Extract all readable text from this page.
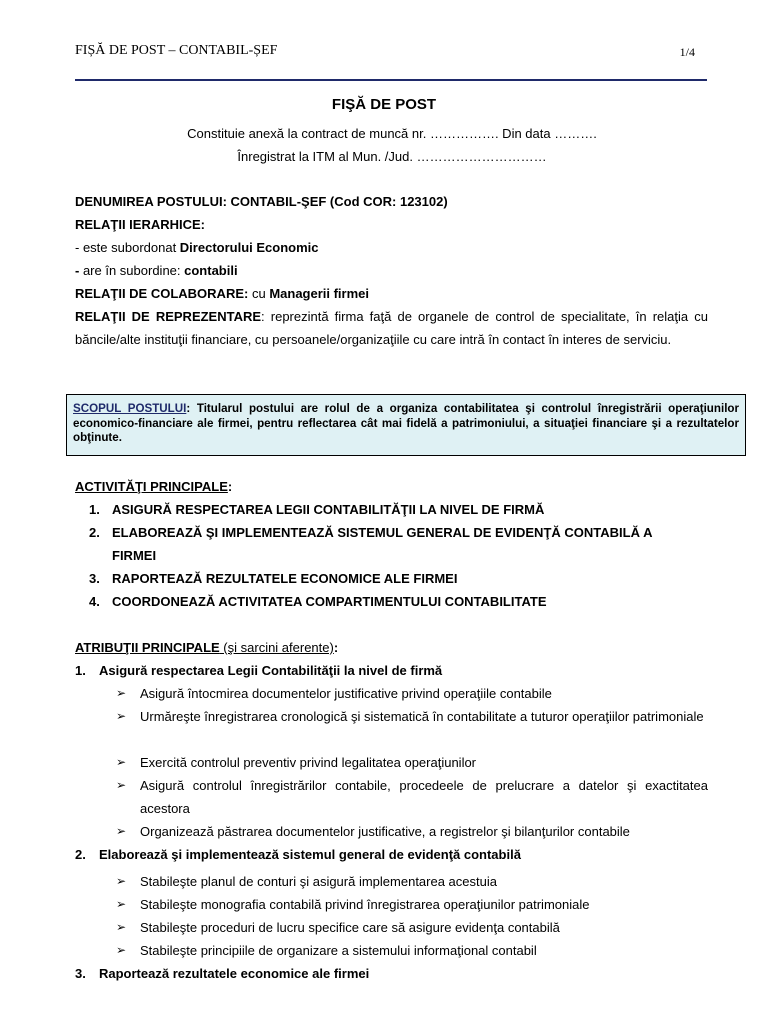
FIȘĂ DE POST – CONTABIL-ȘEF	1/4
FIŞĂ DE POST
Constituie anexă la contract de muncă nr. ……………. Din data ……….
Înregistrat la ITM al Mun. /Jud. …………………………
DENUMIREA POSTULUI: CONTABIL-ŞEF (Cod COR: 123102)
RELAŢII IERARHICE:
- este subordonat Directorului Economic
- are în subordine: contabili
RELAŢII DE COLABORARE: cu Managerii firmei
RELAŢII DE REPREZENTARE: reprezintă firma faţă de organele de control de specialitate, în relaţia cu băncile/alte instituţii financiare, cu persoanele/organizaţiile cu care intră în contact în interes de serviciu.
SCOPUL POSTULUI: Titularul postului are rolul de a organiza contabilitatea şi controlul înregistrării operaţiunilor economico-financiare ale firmei, pentru reflectarea cât mai fidelă a patrimoniului, a situaţiei financiare şi a rezultatelor obţinute.
ACTIVITĂŢI PRINCIPALE:
1. ASIGURĂ RESPECTAREA LEGII CONTABILITĂŢII LA NIVEL DE FIRMĂ
2. ELABOREAZĂ ŞI IMPLEMENTEAZĂ SISTEMUL GENERAL DE EVIDENŢĂ CONTABILĂ A
FIRMEI
3. RAPORTEAZĂ REZULTATELE ECONOMICE ALE FIRMEI
4. COORDONEAZĂ ACTIVITATEA COMPARTIMENTULUI CONTABILITATE
ATRIBUŢII PRINCIPALE (şi sarcini aferente):
1. Asigură respectarea Legii Contabilităţii la nivel de firmă
➢ Asigură întocmirea documentelor justificative privind operaţiile contabile
➢ Urmăreşte înregistrarea cronologică şi sistematică în contabilitate a tuturor operaţiilor patrimoniale
➢ Exercită controlul preventiv privind legalitatea operaţiunilor
➢ Asigură controlul înregistrărilor contabile, procedeele de prelucrare a datelor şi exactitatea acestora
➢ Organizează păstrarea documentelor justificative, a registrelor şi bilanţurilor contabile
2. Elaborează şi implementează sistemul general de evidenţă contabilă
➢ Stabileşte planul de conturi şi asigură implementarea acestuia
➢ Stabileşte monografia contabilă privind înregistrarea operaţiunilor patrimoniale
➢ Stabileşte proceduri de lucru specifice care să asigure evidenţa contabilă
➢ Stabileşte principiile de organizare a sistemului informaţional contabil
3. Raportează rezultatele economice ale firmei
